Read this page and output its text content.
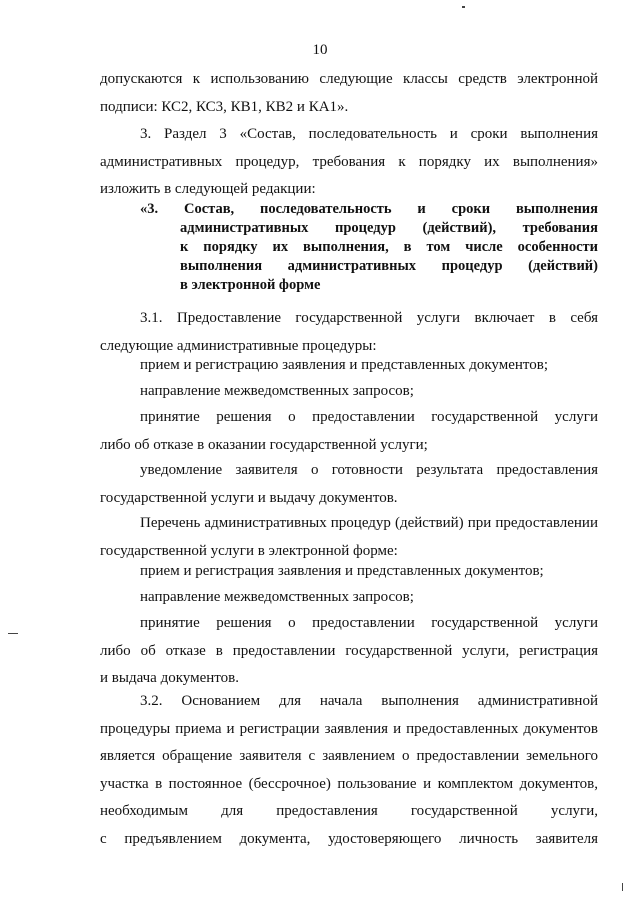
10
допускаются к использованию следующие классы средств электронной
подписи: КС2, КС3, КВ1, КВ2 и КА1».
3. Раздел 3 «Состав, последовательность и сроки выполнения
административных процедур, требования к порядку их выполнения»
изложить в следующей редакции:
«3. Состав, последовательность и сроки выполнения
административных процедур (действий), требования
к порядку их выполнения, в том числе особенности
выполнения административных процедур (действий)
в электронной форме
3.1. Предоставление государственной услуги включает в себя
следующие административные процедуры:
прием и регистрацию заявления и представленных документов;
направление межведомственных запросов;
принятие решения о предоставлении государственной услуги
либо об отказе в оказании государственной услуги;
уведомление заявителя о готовности результата предоставления
государственной услуги и выдачу документов.
Перечень административных процедур (действий) при предоставлении
государственной услуги в электронной форме:
прием и регистрация заявления и представленных документов;
направление межведомственных запросов;
принятие решения о предоставлении государственной услуги
либо об отказе в предоставлении государственной услуги, регистрация
и выдача документов.
3.2. Основанием для начала выполнения административной
процедуры приема и регистрации заявления и предоставленных документов
является обращение заявителя с заявлением о предоставлении земельного
участка в постоянное (бессрочное) пользование и комплектом документов,
необходимым для предоставления государственной услуги,
с предъявлением документа, удостоверяющего личность заявителя
